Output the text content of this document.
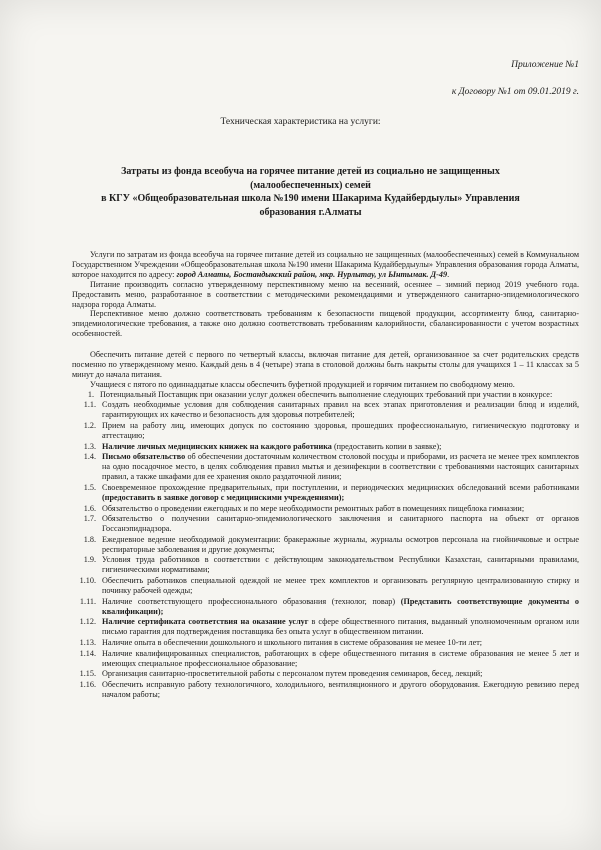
Приложение №1
к Договору №1 от 09.01.2019 г.
Техническая характеристика на услуги:
Затраты из фонда всеобуча на горячее питание детей из социально не защищенных
(малообеспеченных) семей
в КГУ «Общеобразовательная школа №190 имени Шакарима Кудайбердыулы» Управления
образования г.Алматы

Услуги по затратам из фонда всеобуча на горячее питание детей из социально не защищенных (малообеспеченных) семей в Коммунальном Государственном Учреждении «Общеобразовательная школа №190 имени Шакарима Кудайбердыулы» Управления образования города Алматы, которое находится по адресу: город Алматы, Бостандыкский район, мкр. Нурлытау, ул Ынтымак. Д-49.

Питание производить согласно утвержденному перспективному меню на весенний, осеннее – зимний период 2019 учебного года. Предоставить меню, разработанное в соответствии с методическими рекомендациями и утвержденного санитарно-эпидемиологического надзора города Алматы.

Перспективное меню должно соответствовать требованиям к безопасности пищевой продукции, ассортименту блюд, санитарно-эпидемиологические требования, а также оно должно соответствовать требованиям калорийности, сбалансированности с учетом возрастных особенностей.

Обеспечить питание детей с первого по четвертый классы, включая питание для детей, организованное за счет родительских средств посменно по утвержденному меню. Каждый день в 4 (четыре) этапа в столовой должны быть накрыты столы для учащихся 1 – 11 классах за 5 минут до начала питания.

Учащиеся с пятого по одиннадцатые классы обеспечить буфетной продукцией и горячим питанием по свободному меню.

1. Потенциальный Поставщик при оказании услуг должен обеспечить выполнение следующих требований при участии в конкурсе:
1.1. Создать необходимые условия для соблюдения санитарных правил на всех этапах приготовления и реализации блюд и изделий, гарантирующих их качество и безопасность для здоровья потребителей;
1.2. Прием на работу лиц, имеющих допуск по состоянию здоровья, прошедших профессиональную, гигиеническую подготовку и аттестацию;
1.3. Наличие личных медицинских книжек на каждого работника (предоставить копии в заявке);
1.4. Письмо обязательство об обеспечении достаточным количеством столовой посуды и приборами, из расчета не менее трех комплектов на одно посадочное место, в целях соблюдения правил мытья и дезинфекции в соответствии с требованиями настоящих санитарных правил, а также шкафами для ее хранения около раздаточной линии;
1.5. Своевременное прохождение предварительных, при поступлении, и периодических медицинских обследований всеми работниками (предоставить в заявке договор с медицинскими учреждениями);
1.6. Обязательство о проведении ежегодных и по мере необходимости ремонтных работ в помещениях пищеблока гимназии;
1.7. Обязательство о получении санитарно-эпидемиологического заключения и санитарного паспорта на объект от органов Госсанэпиднадзора.
1.8. Ежедневное ведение необходимой документации: бракеражные журналы, журналы осмотров персонала на гнойничковые и острые респираторные заболевания и другие документы;
1.9. Условия труда работников в соответствии с действующим законодательством Республики Казахстан, санитарными правилами, гигиеническими нормативами;
1.10. Обеспечить работников специальной одеждой не менее трех комплектов и организовать регулярную централизованную стирку и починку рабочей одежды;
1.11. Наличие соответствующего профессионального образования (технолог, повар) (Представить соответствующие документы о квалификации);
1.12. Наличие сертификата соответствия на оказание услуг в сфере общественного питания, выданный уполномоченным органом или письмо гарантия для подтверждения поставщика без опыта услуг в общественном питании.
1.13. Наличие опыта в обеспечении дошкольного и школьного питания в системе образования не менее 10-ти лет;
1.14. Наличие квалифицированных специалистов, работающих в сфере общественного питания в системе образования не менее 5 лет и имеющих специальное профессиональное образование;
1.15. Организация санитарно-просветительной работы с персоналом путем проведения семинаров, бесед, лекций;
1.16. Обеспечить исправную работу технологичного, холодильного, вентиляционного и другого оборудования. Ежегодную ревизию перед началом работы;
